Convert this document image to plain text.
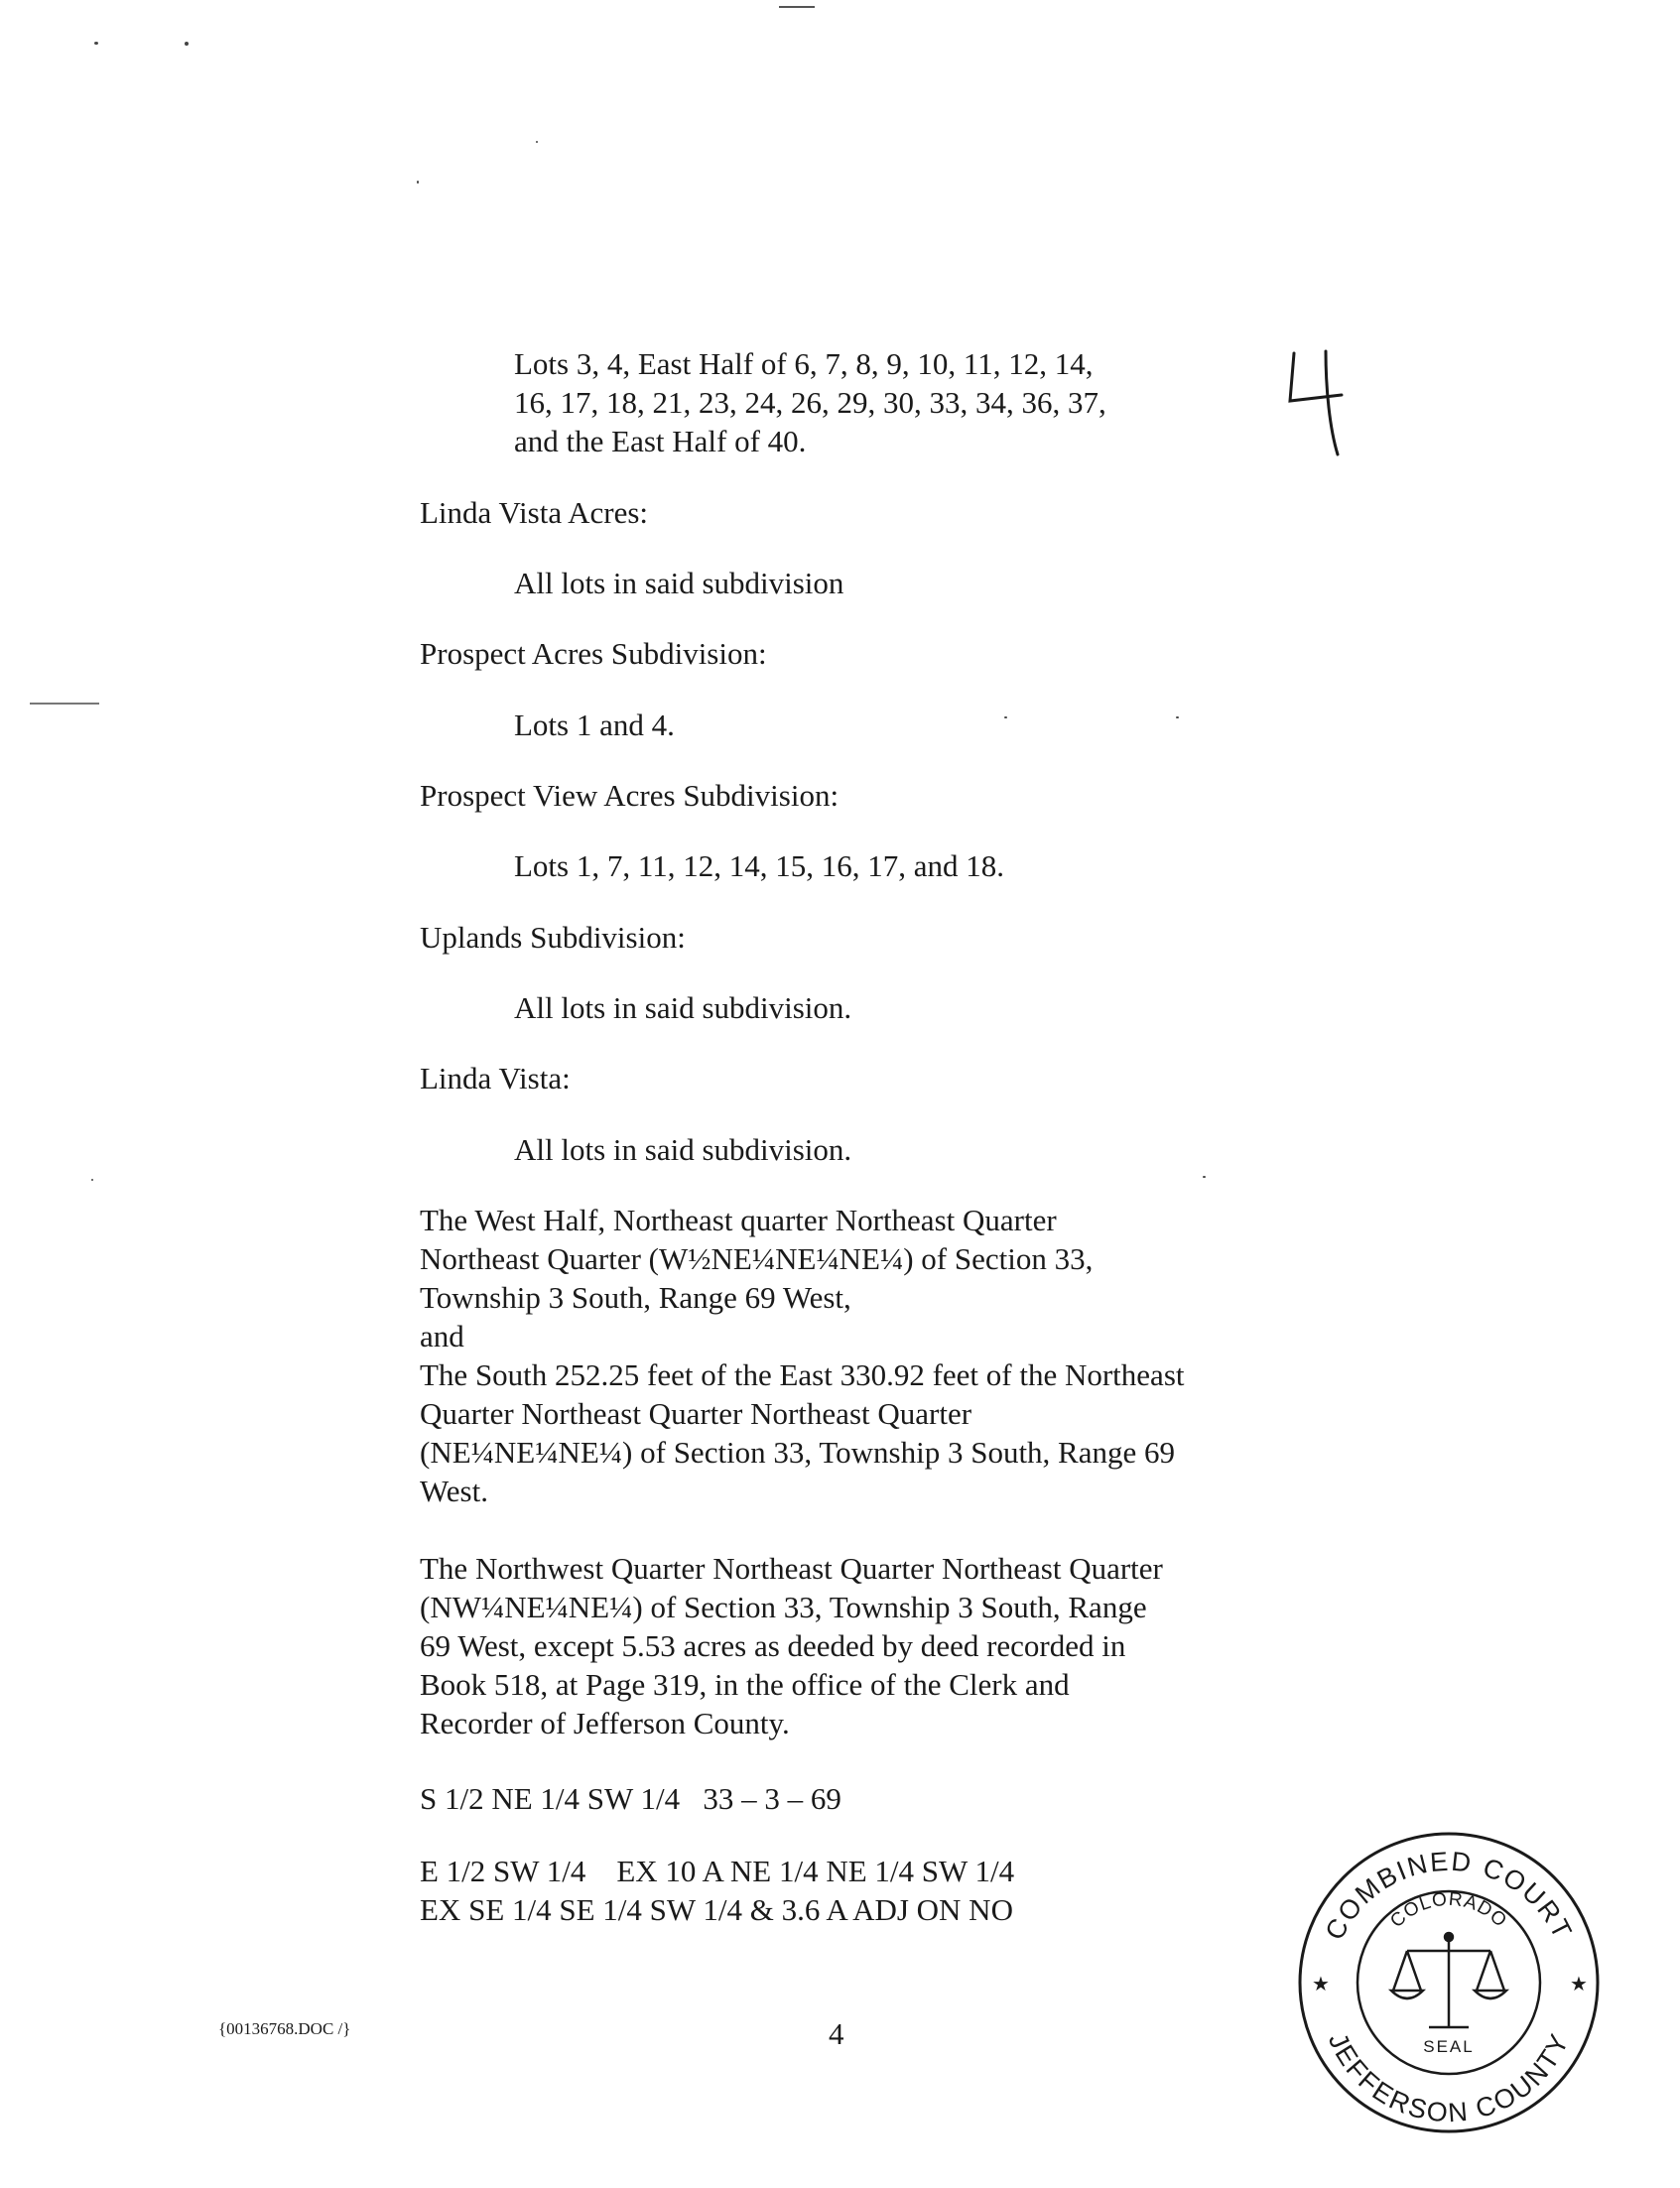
Lots 3, 4, East Half of 6, 7, 8, 9, 10, 11, 12, 14,

16, 17, 18, 21, 23, 24, 26, 29, 30, 33, 34, 36, 37,

and the East Half of 40.

Linda Vista Acres:

All lots in said subdivision

Prospect Acres Subdivision:

Lots 1 and 4.

Prospect View Acres Subdivision:

Lots 1, 7, 11, 12, 14, 15, 16, 17, and 18.

Uplands Subdivision:

All lots in said subdivision.

Linda Vista:

All lots in said subdivision.

The West Half, Northeast quarter Northeast Quarter
Northeast Quarter (W½NE¼NE¼NE¼) of Section 33,
Township 3 South, Range 69 West,
and
The South 252.25 feet of the East 330.92 feet of the Northeast
Quarter Northeast Quarter Northeast Quarter
(NE¼NE¼NE¼) of Section 33, Township 3 South, Range 69
West.
The Northwest Quarter Northeast Quarter Northeast Quarter
(NW¼NE¼NE¼) of Section 33, Township 3 South, Range
69 West, except 5.53 acres as deeded by deed recorded in
Book 518, at Page 319, in the office of the Clerk and
Recorder of Jefferson County.

S 1/2 NE 1/4 SW 1/4   33 – 3 – 69

E 1/2 SW 1/4    EX 10 A NE 1/4 NE 1/4 SW 1/4

EX SE 1/4 SE 1/4 SW 1/4 & 3.6 A ADJ ON NO

{00136768.DOC /}	4
COMBINED COURT
JEFFERSON COUNTY
COLORADO
★	★
SEAL
